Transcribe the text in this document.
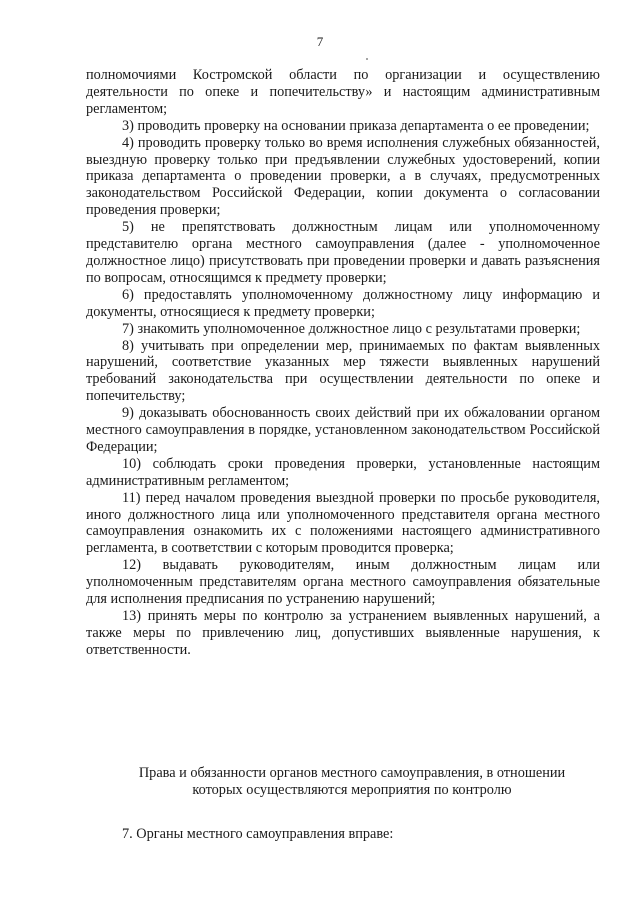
7

полномочиями Костромской области по организации и осуществлению деятельности по опеке и попечительству» и настоящим административным регламентом;

3) проводить проверку на основании приказа департамента о ее проведении;

4) проводить проверку только во время исполнения служебных обязанностей, выездную проверку только при предъявлении служебных удостоверений, копии приказа департамента о проведении проверки, а в случаях, предусмотренных законодательством Российской Федерации, копии документа о согласовании проведения проверки;

5) не препятствовать должностным лицам или уполномоченному представителю органа местного самоуправления (далее - уполномоченное должностное лицо) присутствовать при проведении проверки и давать разъяснения по вопросам, относящимся к предмету проверки;

6) предоставлять уполномоченному должностному лицу информацию и документы, относящиеся к предмету проверки;

7) знакомить уполномоченное должностное лицо с результатами проверки;

8) учитывать при определении мер, принимаемых по фактам выявленных нарушений, соответствие указанных мер тяжести выявленных нарушений требований законодательства при осуществлении деятельности по опеке и попечительству;

9) доказывать обоснованность своих действий при их обжаловании органом местного самоуправления в порядке, установленном законодательством Российской Федерации;

10) соблюдать сроки проведения проверки, установленные настоящим административным регламентом;

11) перед началом проведения выездной проверки по просьбе руководителя, иного должностного лица или уполномоченного представителя органа местного самоуправления ознакомить их с положениями настоящего административного регламента, в соответствии с которым проводится проверка;

12) выдавать руководителям, иным должностным лицам или уполномоченным представителям органа местного самоуправления обязательные для исполнения предписания по устранению нарушений;

13) принять меры по контролю за устранением выявленных нарушений, а также меры по привлечению лиц, допустивших выявленные нарушения, к ответственности.

Права и обязанности органов местного самоуправления, в отношении

которых осуществляются мероприятия по контролю

7. Органы местного самоуправления вправе:
